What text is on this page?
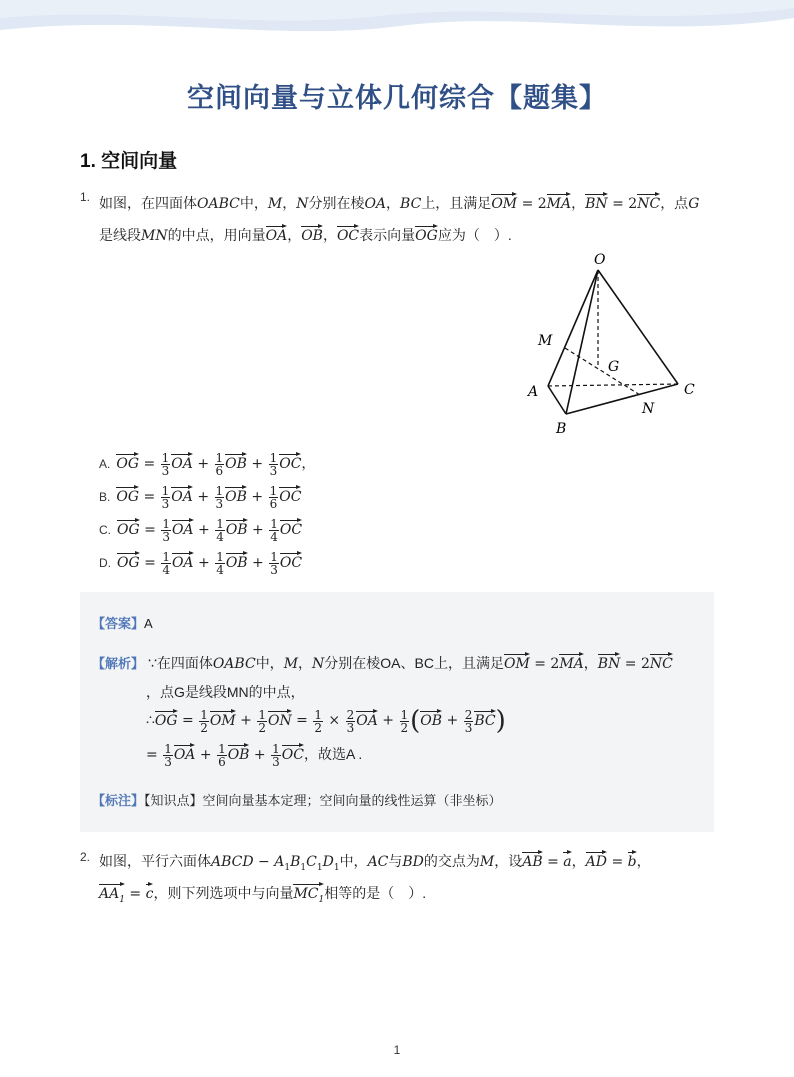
空间向量与立体几何综合【题集】
1. 空间向量
1. 如图，在四面体OABC中，M，N分别在棱OA，BC上，且满足OM = 2MA，BN = 2NC，点G
是线段MN的中点，用向量OA，OB，OC表示向量OG应为（　）.
O
M
G
A	C
N
B
A. OG = $\frac{1}{3}$ OA + $\frac{1}{6}$ OB + $\frac{1}{3}$ OC，
B. OG = $\frac{1}{3}$ OA + $\frac{1}{3}$ OB + $\frac{1}{6}$ OC
C. OG = $\frac{1}{3}$ OA + $\frac{1}{4}$ OB + $\frac{1}{4}$ OC
D. OG = $\frac{1}{4}$ OA + $\frac{1}{4}$ OB + $\frac{1}{3}$ OC
【答案】A
【解析】 ∵在四面体OABC中，M，N分别在棱OA、BC上，且满足OM = 2MA，BN = 2NC
，点G是线段MN的中点，
∴OG = $\frac{1}{2}$ OM + $\frac{1}{2}$ ON = $\frac{1}{2} \times \frac{2}{3}$ OA + $\frac{1}{2} (OB + \frac{2}{3} BC)$
= $\frac{1}{3}$ OA + $\frac{1}{6}$ OB + $\frac{1}{3}$ OC，故选A .
【标注】【知识点】空间向量基本定理；空间向量的线性运算（非坐标）
2. 如图，平行六面体ABCD − $A_1B_1C_1D_1$中，AC与BD的交点为M，设AB = a，AD = b，
$AA_1 = c$，则下列选项中与向量$MC_1$相等的是（　）.
1
